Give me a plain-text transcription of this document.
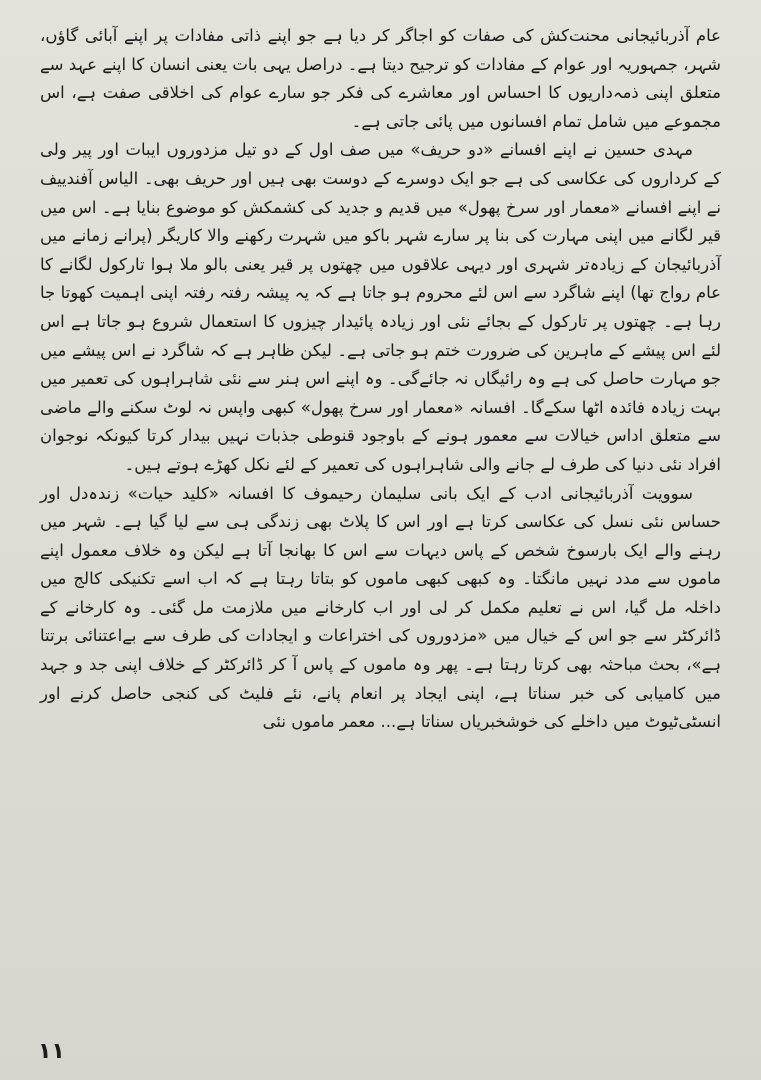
عام آذربائیجانی محنت‌کش کی صفات کو اجاگر کر دیا ہے جو اپنے ذاتی مفادات پر اپنے آبائی گاؤں، شہر، جمہوریہ اور عوام کے مفادات کو ترجیح دیتا ہے۔ دراصل یہی بات یعنی انسان کا اپنے عہد سے متعلق اپنی ذمہ‌داریوں کا احساس اور معاشرے کی فکر جو سارے عوام کی اخلاقی صفت ہے، اس مجموعے میں شامل تمام افسانوں میں پائی جاتی ہے۔

مہدی حسین نے اپنے افسانے «دو حریف» میں صف اول کے دو تیل مزدوروں ایبات اور پیر ولی کے کرداروں کی عکاسی کی ہے جو ایک دوسرے کے دوست بھی ہیں اور حریف بھی۔ الیاس آفندییف نے اپنے افسانے «معمار اور سرخ پھول» میں قدیم و جدید کی کشمکش کو موضوع بنایا ہے۔ اس میں قیر لگانے میں اپنی مہارت کی بنا پر سارے شہر باکو میں شہرت رکھنے والا کاریگر (پرانے زمانے میں آذربائیجان کے زیادہ‌تر شہری اور دیہی علاقوں میں چھتوں پر قیر یعنی بالو ملا ہوا تارکول لگانے کا عام رواج تھا) اپنے شاگرد سے اس لئے محروم ہو جاتا ہے کہ یہ پیشہ رفتہ رفتہ اپنی اہمیت کھوتا جا رہا ہے۔ چھتوں پر تارکول کے بجائے نئی اور زیادہ پائیدار چیزوں کا استعمال شروع ہو جاتا ہے اس لئے اس پیشے کے ماہرین کی ضرورت ختم ہو جاتی ہے۔ لیکن ظاہر ہے کہ شاگرد نے اس پیشے میں جو مہارت حاصل کی ہے وہ رائیگاں نہ جائےگی۔ وہ اپنے اس ہنر سے نئی شاہراہوں کی تعمیر میں بہت زیادہ فائدہ اٹھا سکےگا۔ افسانہ «معمار اور سرخ پھول» کبھی واپس نہ لوٹ سکنے والے ماضی سے متعلق اداس خیالات سے معمور ہونے کے باوجود قنوطی جذبات نہیں بیدار کرتا کیونکہ نوجوان افراد نئی دنیا کی طرف لے جانے والی شاہراہوں کی تعمیر کے لئے نکل کھڑے ہوتے ہیں۔

سوویت آذربائیجانی ادب کے ایک بانی سلیمان رحیموف کا افسانہ «کلید حیات» زندہ‌دل اور حساس نئی نسل کی عکاسی کرتا ہے اور اس کا پلاٹ بھی زندگی ہی سے لیا گیا ہے۔ شہر میں رہنے والے ایک بارسوخ شخص کے پاس دیہات سے اس کا بھانجا آتا ہے لیکن وہ خلاف معمول اپنے ماموں سے مدد نہیں مانگتا۔ وہ کبھی کبھی ماموں کو بتاتا رہتا ہے کہ اب اسے تکنیکی کالج میں داخلہ مل گیا، اس نے تعلیم مکمل کر لی اور اب کارخانے میں ملازمت مل گئی۔ وہ کارخانے کے ڈائرکٹر سے جو اس کے خیال میں «مزدوروں کی اختراعات و ایجادات کی طرف سے بےاعتنائی برتتا ہے»، بحث مباحثہ بھی کرتا رہتا ہے۔ پھر وہ ماموں کے پاس آ کر ڈائرکٹر کے خلاف اپنی جد و جہد میں کامیابی کی خبر سناتا ہے، اپنی ایجاد پر انعام پانے، نئے فلیٹ کی کنجی حاصل کرنے اور انسٹی‌ٹیوٹ میں داخلے کی خوشخبریاں سناتا ہے... معمر ماموں نئی

۱۱
